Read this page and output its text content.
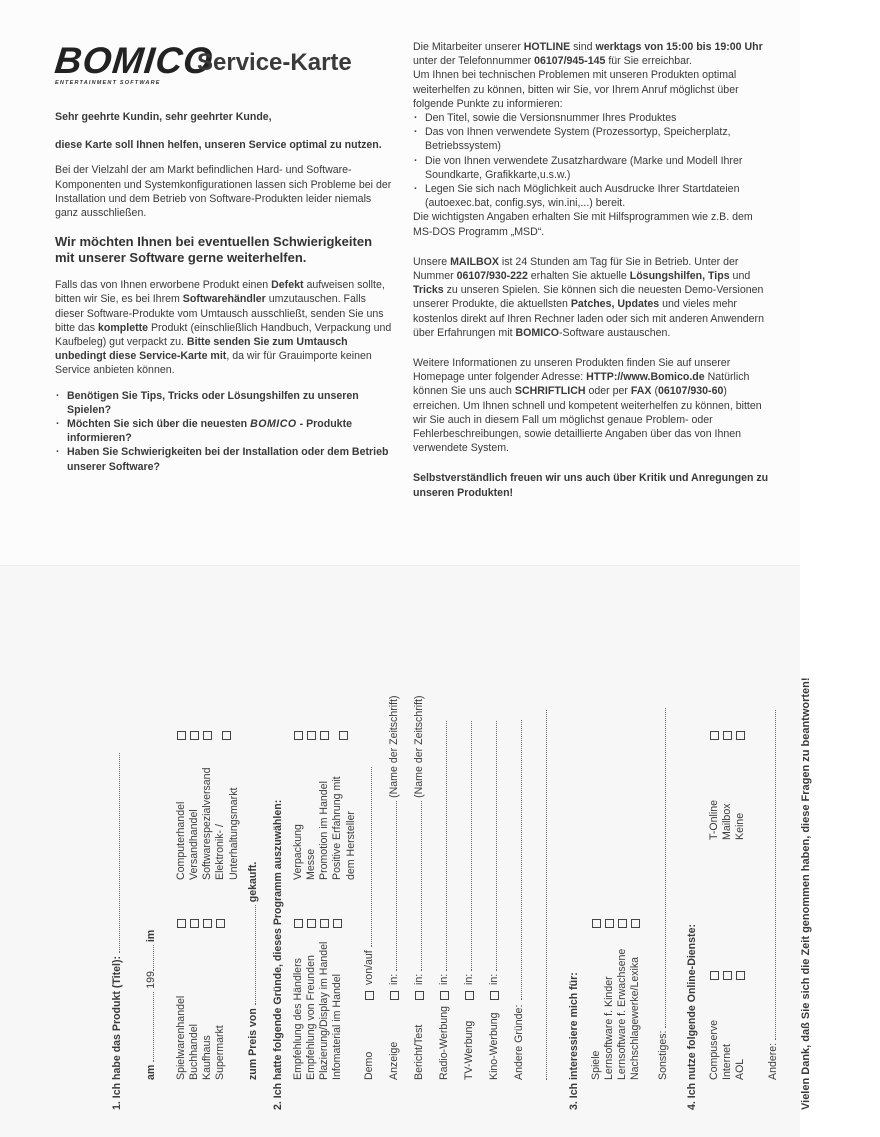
BOMICO
ENTERTAINMENT SOFTWARE
Service-Karte

Sehr geehrte Kundin, sehr geehrter Kunde,

diese Karte soll Ihnen helfen, unseren Service optimal zu nutzen.

Bei der Vielzahl der am Markt befindlichen Hard- und Software-Komponenten und Systemkonfigurationen lassen sich Probleme bei der Installation und dem Betrieb von Software-Produkten leider niemals ganz ausschließen.

Wir möchten Ihnen bei eventuellen Schwierigkeiten mit unserer Software gerne weiterhelfen.

Falls das von Ihnen erworbene Produkt einen Defekt aufweisen sollte, bitten wir Sie, es bei Ihrem Softwarehändler umzutauschen. Falls dieser Software-Produkte vom Umtausch ausschließt, senden Sie uns bitte das komplette Produkt (einschließlich Handbuch, Verpackung und Kaufbeleg) gut verpackt zu. Bitte senden Sie zum Umtausch unbedingt diese Service-Karte mit, da wir für Grauimporte keinen Service anbieten können.

· Benötigen Sie Tips, Tricks oder Lösungshilfen zu unseren Spielen?
· Möchten Sie sich über die neuesten BOMICO - Produkte informieren?
· Haben Sie Schwierigkeiten bei der Installation oder dem Betrieb unserer Software?

Die Mitarbeiter unserer HOTLINE sind werktags von 15:00 bis 19:00 Uhr unter der Telefonnummer 06107/945-145 für Sie erreichbar.

Um Ihnen bei technischen Problemen mit unseren Produkten optimal weiterhelfen zu können, bitten wir Sie, vor Ihrem Anruf möglichst über folgende Punkte zu informieren:

· Den Titel, sowie die Versionsnummer Ihres Produktes
· Das von Ihnen verwendete System (Prozessortyp, Speicherplatz, Betriebssystem)
· Die von Ihnen verwendete Zusatzhardware (Marke und Modell Ihrer Soundkarte, Grafikkarte,u.s.w.)
· Legen Sie sich nach Möglichkeit auch Ausdrucke Ihrer Startdateien (autoexec.bat, config.sys, win.ini,...) bereit.

Die wichtigsten Angaben erhalten Sie mit Hilfsprogrammen wie z.B. dem MS-DOS Programm „MSD“.

Unsere MAILBOX ist 24 Stunden am Tag für Sie in Betrieb. Unter der Nummer 06107/930-222 erhalten Sie aktuelle Lösungshilfen, Tips und Tricks zu unseren Spielen. Sie können sich die neuesten Demo-Versionen unserer Produkte, die aktuellsten Patches, Updates und vieles mehr kostenlos direkt auf Ihren Rechner laden oder sich mit anderen Anwendern über Erfahrungen mit BOMICO-Software austauschen.

Weitere Informationen zu unseren Produkten finden Sie auf unserer Homepage unter folgender Adresse: HTTP://www.Bomico.de Natürlich können Sie uns auch SCHRIFTLICH oder per FAX (06107/930-60) erreichen. Um Ihnen schnell und kompetent weiterhelfen zu können, bitten wir Sie auch in diesem Fall um möglichst genaue Problem- oder Fehlerbeschreibungen, sowie detaillierte Angaben über das von Ihnen verwendete System.

Selbstverständlich freuen wir uns auch über Kritik und Anregungen zu unseren Produkten!

1. Ich habe das Produkt (Titel): am  199 im
Spielwarenhandel Buchhandel Kaufhaus Supermarkt
Computerhandel Versandhandel Softwarespezialversand Elektronik- / Unterhaltungsmarkt
zum Preis von  gekauft. 2. Ich hatte folgende Gründe, dieses Programm auszuwählen: Empfehlung des Händlers Empfehlung von Freunden Plazierung/Display im Handel Infomaterial im Handel
Verpackung Messe Promotion im Handel Positive Erfahrung mit dem Hersteller
Demovon/auf
Anzeigein:  (Name der Zeitschrift)
Bericht/Testin:  (Name der Zeitschrift)
Radio-Werbungin:
TV-Werbungin:
Kino-Werbungin:
Andere Gründe:	3. Ich interessiere mich für: Spiele Lernsoftware f. Kinder Lernsoftware f. Erwachsene Nachschlagewerke/Lexika Sonstiges: 4. Ich nutze folgende Online-Dienste: Compuserve Internet AOL
T-Online Mailbox Keine
Andere: Vielen Dank, daß Sie sich die Zeit genommen haben, diese Fragen zu beantworten!
